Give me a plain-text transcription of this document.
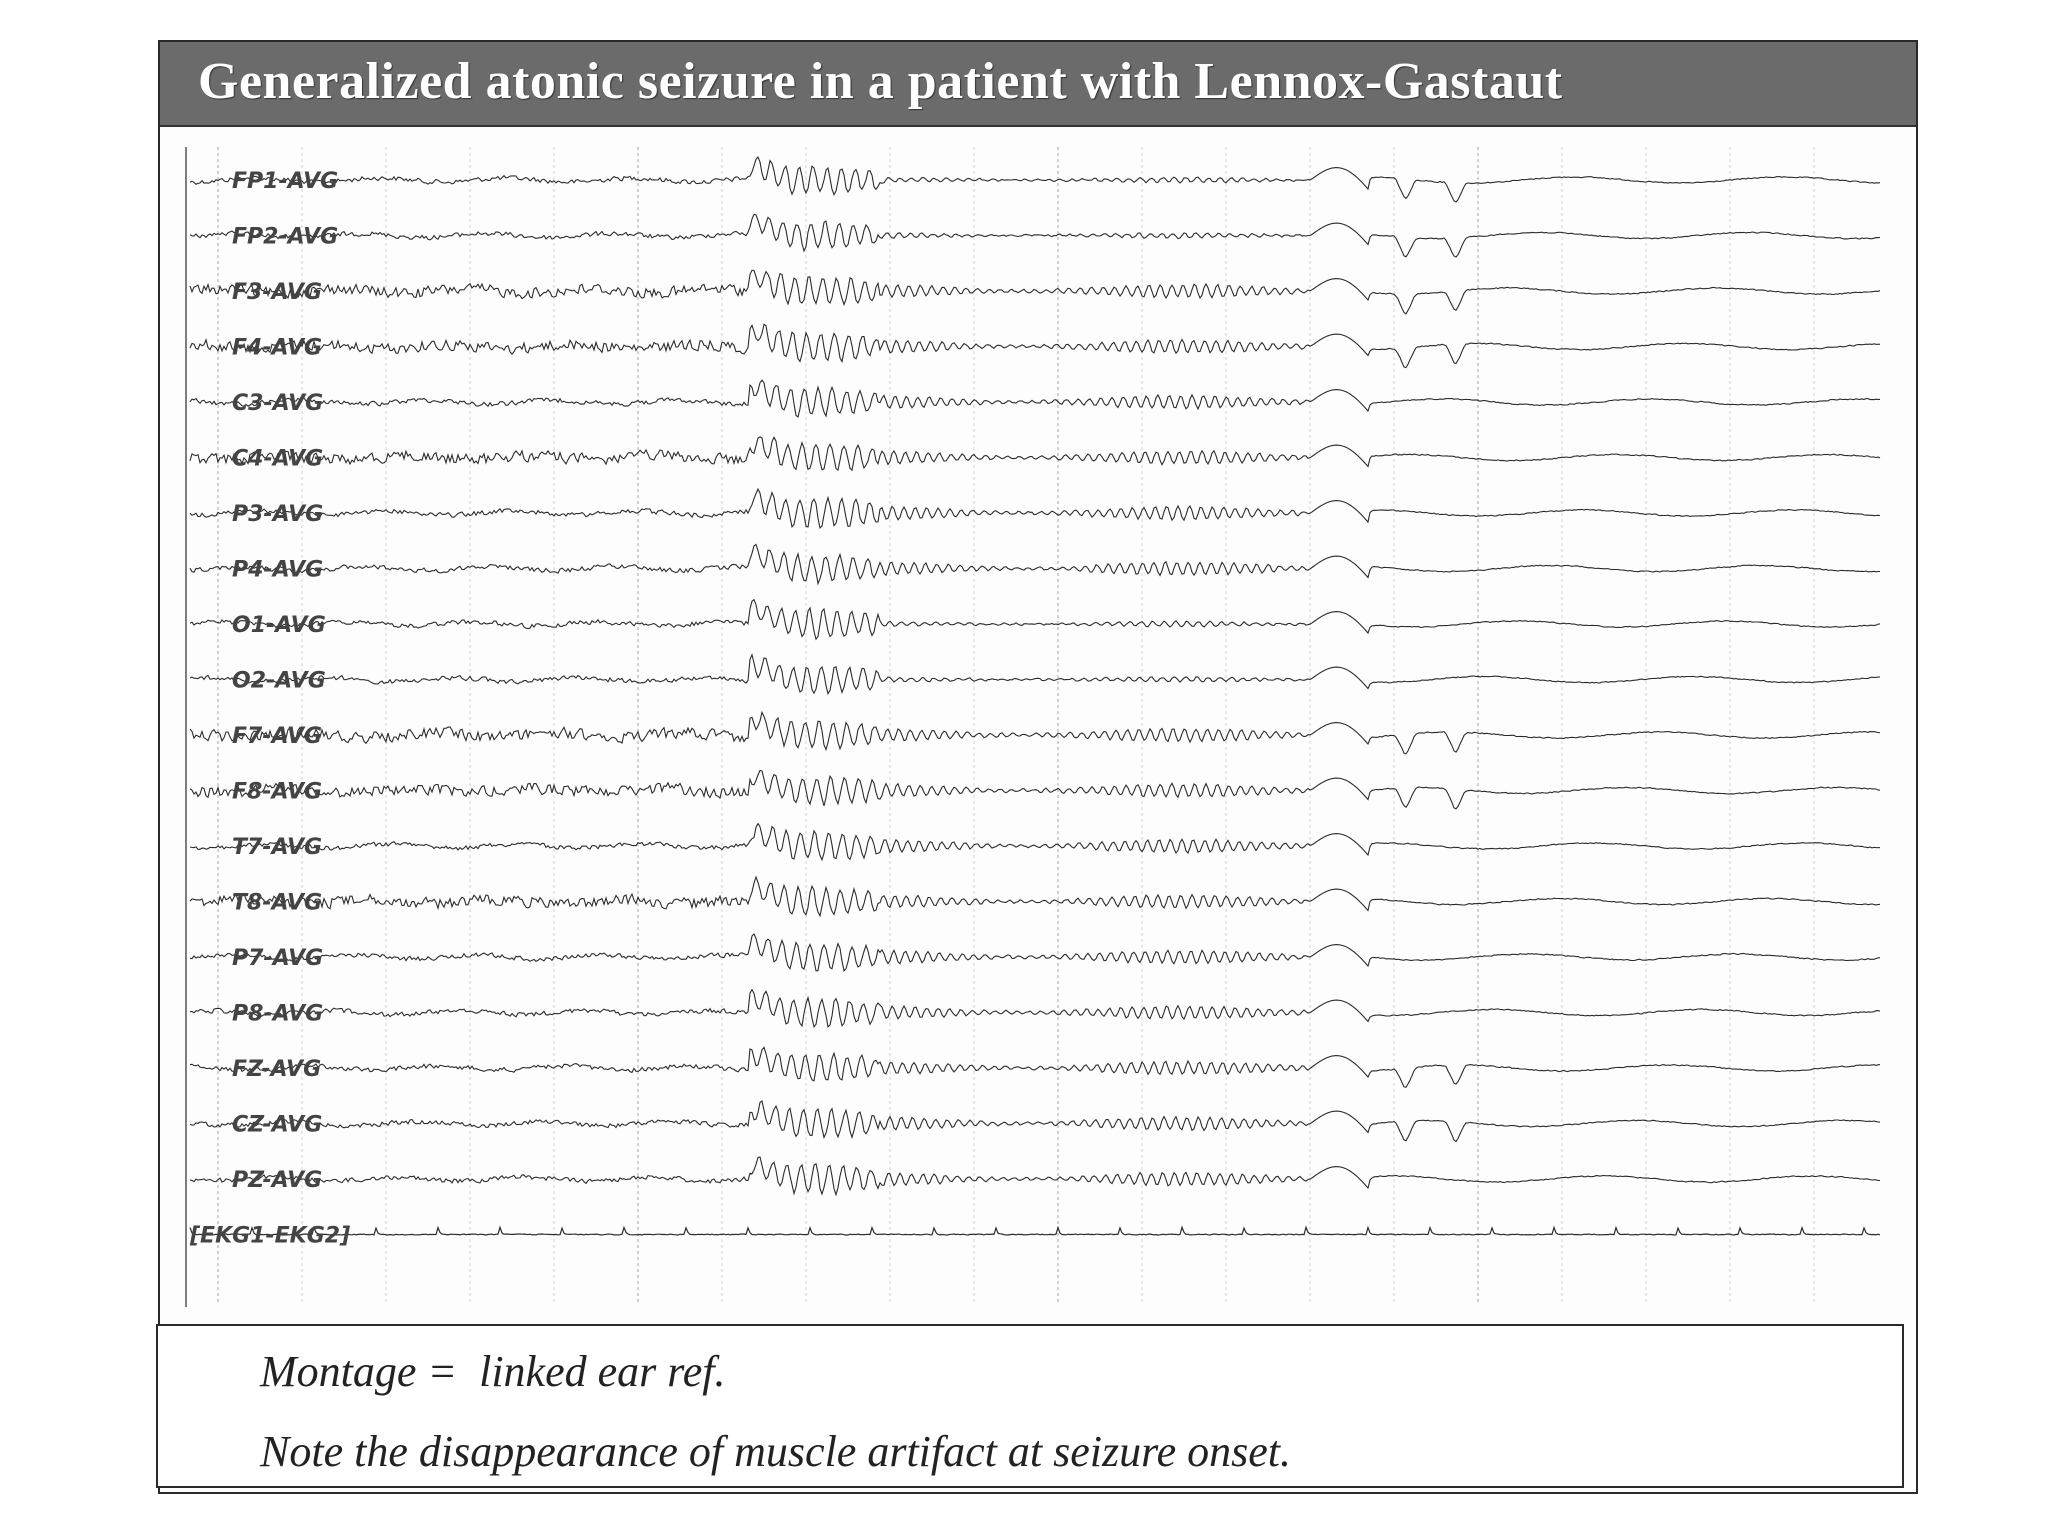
Generalized atonic seizure in a patient with Lennox-Gastaut
FP1-AVG
FP2-AVG
F3-AVG
F4-AVG
C3-AVG
C4-AVG
P3-AVG
P4-AVG
O1-AVG
O2-AVG
F7-AVG
F8-AVG
T7-AVG
T8-AVG
P7-AVG
P8-AVG
FZ-AVG
CZ-AVG
PZ-AVG
[EKG1-EKG2]
Montage =  linked ear ref.
Note the disappearance of muscle artifact at seizure onset.
